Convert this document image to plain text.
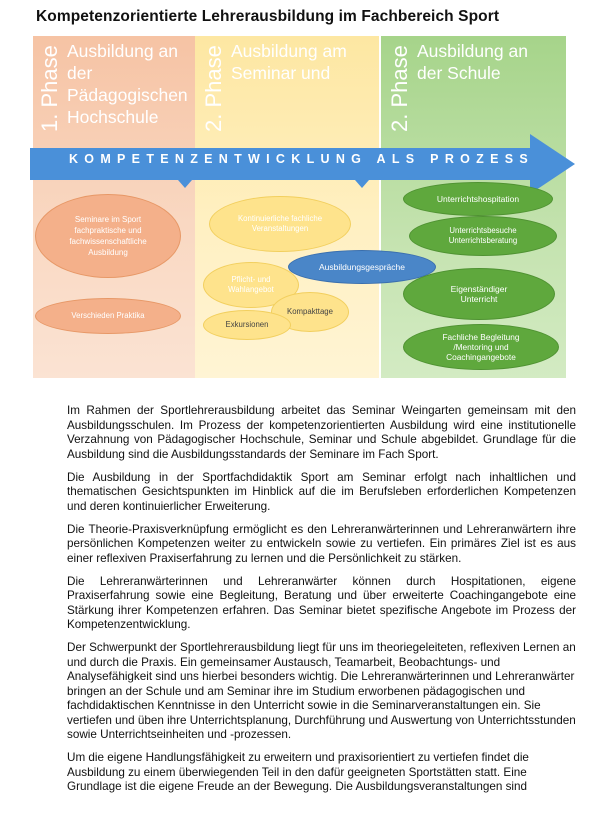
Kompetenzorientierte Lehrerausbildung im Fachbereich Sport
1. Phase	2. Phase	2. Phase
Ausbildung an
der
Pädagogischen
Hochschule
Ausbildung am
Seminar und
Ausbildung an
der Schule
KOMPETENZENTWICKLUNG ALS PROZESS
Seminare im Sport fachpraktische und fachwissenschaftliche Ausbildung
Verschieden Praktika
Kontinuierliche fachliche Veranstaltungen
Pflicht- und Wahlangebot
Kompakttage
Exkursionen
Ausbildungsgespräche
Unterrichtshospitation
Unterrichtsbesuche Unterrichtsberatung
Eigenständiger Unterricht
Fachliche Begleitung /Mentoring und Coachingangebote

Im Rahmen der Sportlehrerausbildung arbeitet das Seminar Weingarten gemeinsam mit den Ausbildungsschulen. Im Prozess der kompetenzorientierten Ausbildung wird eine institutionelle Verzahnung von Pädagogischer Hochschule, Seminar und Schule abgebildet. Grundlage für die Ausbildung sind die Ausbildungsstandards der Seminare im Fach Sport.

Die Ausbildung in der Sportfachdidaktik Sport am Seminar erfolgt nach inhaltlichen und thematischen Gesichtspunkten im Hinblick auf die im Berufsleben erforderlichen Kompetenzen und deren kontinuierlicher Erweiterung.

Die Theorie-Praxisverknüpfung ermöglicht es den Lehreranwärterinnen und Lehreranwärtern ihre persönlichen Kompetenzen weiter zu entwickeln sowie zu vertiefen. Ein primäres Ziel ist es aus einer reflexiven Praxiserfahrung zu lernen und die Persönlichkeit zu stärken.

Die Lehreranwärterinnen und Lehreranwärter können durch Hospitationen, eigene Praxiserfahrung sowie eine Begleitung, Beratung und über erweiterte Coachingangebote eine Stärkung ihrer Kompetenzen erfahren. Das Seminar bietet spezifische Angebote im Prozess der Kompetenzentwicklung.

Der Schwerpunkt der Sportlehrerausbildung liegt für uns im theoriegeleiteten, reflexiven Lernen an und durch die Praxis. Ein gemeinsamer Austausch, Teamarbeit, Beobachtungs- und Analysefähigkeit sind uns hierbei besonders wichtig. Die Lehreranwärterinnen und Lehreranwärter bringen an der Schule und am Seminar ihre im Studium erworbenen pädagogischen und fachdidaktischen Kenntnisse in den Unterricht sowie in die Seminarveranstaltungen ein. Sie vertiefen und üben ihre Unterrichtsplanung, Durchführung und Auswertung von Unterrichtsstunden sowie Unterrichtseinheiten und -prozessen.

Um die eigene Handlungsfähigkeit zu erweitern und praxisorientiert zu vertiefen findet die Ausbildung zu einem überwiegenden Teil in den dafür geeigneten Sportstätten statt. Eine Grundlage ist die eigene Freude an der Bewegung. Die Ausbildungsveranstaltungen sind
